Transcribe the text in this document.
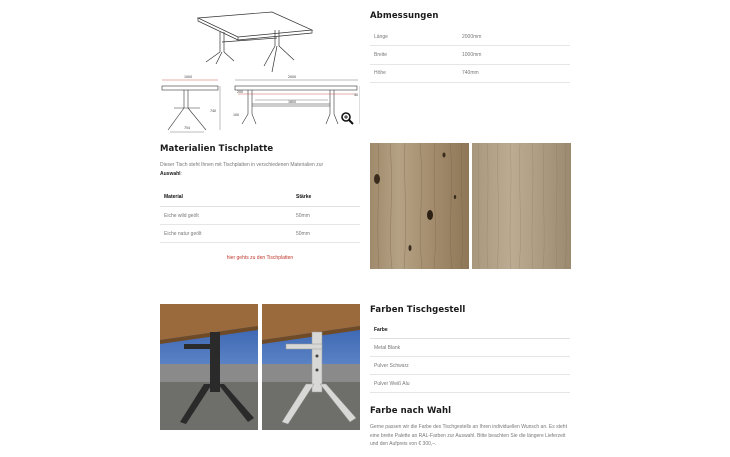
1000	2000
200
1600
740
754
100
40
Abmessungen
Länge	2000mm
Breite	1000mm
Höhe	740mm
Materialien Tischplatte
Dieser Tisch steht Ihnen mit Tischplatten in verschiedenen Materialien zur
Auswahl:
Material	Stärke
Eiche wild geölt	50mm
Eiche natur geölt	50mm
hier gehts zu den Tischplatten
Farben Tischgestell
Farbe
Metal Blank
Pulver Schwarz
Pulver Weiß Alu
Farbe nach Wahl

Gerne passen wir die Farbe des Tischgestells an Ihren individuellen Wunsch an. Es steht eine breite Palette an RAL-Farben zur Auswahl. Bitte beachten Sie die längere Lieferzeit und den Aufpreis von € 300,–.
